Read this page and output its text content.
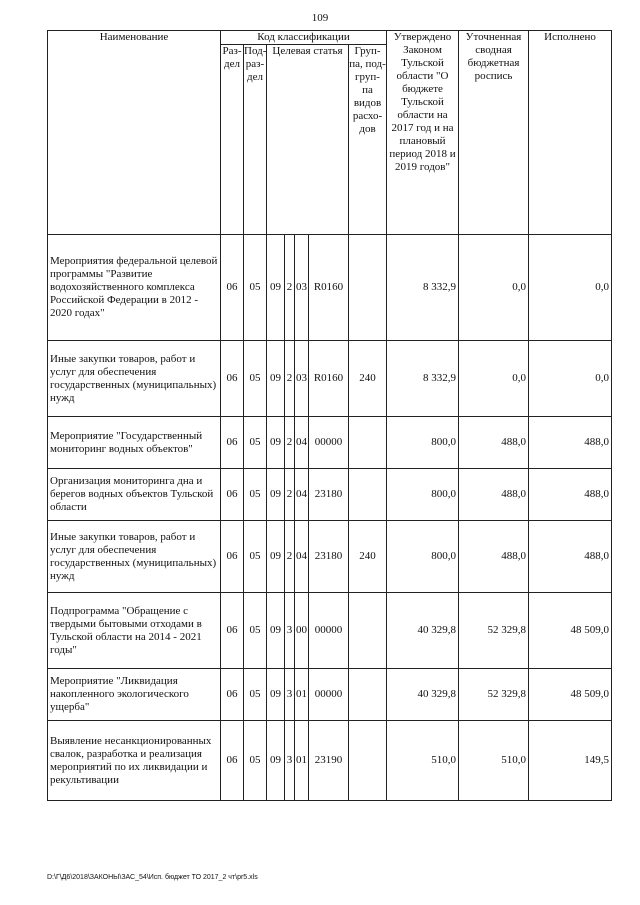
109
Наименование	Код классификации							Утверждено Законом Тульской области "О бюджете Тульской области на 2017 год и на плановый период 2018 и 2019 годов"	Уточненная сводная бюджетная роспись	Исполнено
	Раз- дел	Под- раз- дел	Целевая статья				Груп- па, под- груп- па видов расхо- дов			
Мероприятия федеральной целевой программы "Развитие водохозяйственного комплекса Российской Федерации в 2012 - 2020 годах"	06	05	09	2	03	R0160		8 332,9	0,0	0,0
Иные закупки товаров, работ и услуг для обеспечения государственных (муниципальных) нужд	06	05	09	2	03	R0160	240	8 332,9	0,0	0,0
Мероприятие "Государственный мониторинг водных объектов"	06	05	09	2	04	00000		800,0	488,0	488,0
Организация мониторинга дна и берегов водных объектов Тульской области	06	05	09	2	04	23180		800,0	488,0	488,0
Иные закупки товаров, работ и услуг для обеспечения государственных (муниципальных) нужд	06	05	09	2	04	23180	240	800,0	488,0	488,0
Подпрограмма "Обращение с твердыми бытовыми отходами в Тульской области на 2014 - 2021 годы"	06	05	09	3	00	00000		40 329,8	52 329,8	48 509,0
Мероприятие "Ликвидация накопленного экологического ущерба"	06	05	09	3	01	00000		40 329,8	52 329,8	48 509,0
Выявление несанкционированных свалок, разработка и реализация мероприятий по их ликвидации и рекультивации	06	05	09	3	01	23190		510,0	510,0	149,5
D:\Г\Д6\2018\ЗАКОНЫ\ЗАС_54\Исп. бюджет ТО 2017_2 чт\pr5.xls
